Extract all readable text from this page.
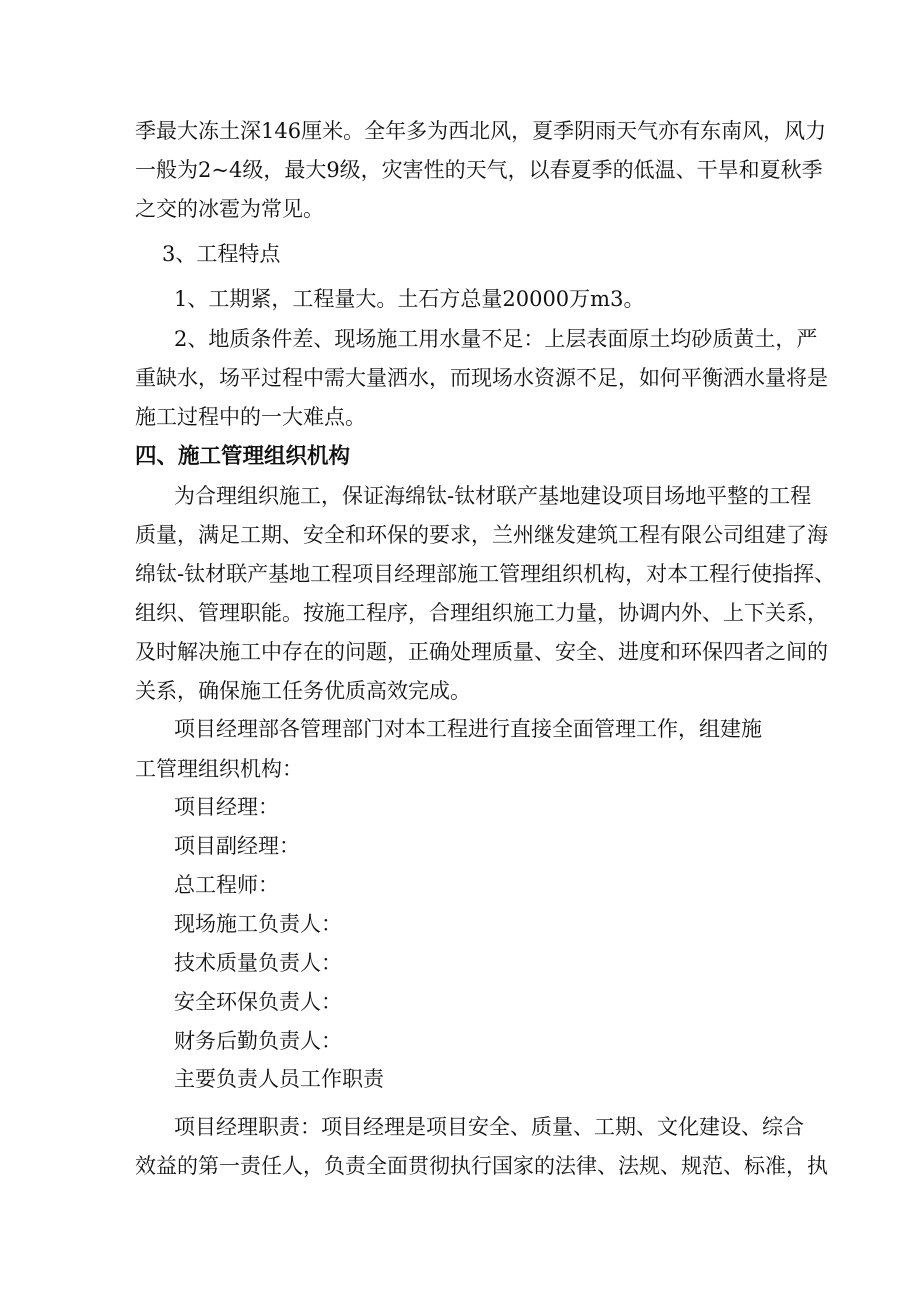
季最大冻土深146厘米。全年多为西北风，夏季阴雨天气亦有东南风，风力

一般为2~4级，最大9级，灾害性的天气，以春夏季的低温、干旱和夏秋季

之交的冰雹为常见。

3、工程特点

1、工期紧，工程量大。土石方总量20000万m3。

2、地质条件差、现场施工用水量不足：上层表面原土均砂质黄土，严

重缺水，场平过程中需大量洒水，而现场水资源不足，如何平衡洒水量将是

施工过程中的一大难点。

四、施工管理组织机构

为合理组织施工，保证海绵钛-钛材联产基地建设项目场地平整的工程

质量，满足工期、安全和环保的要求，兰州继发建筑工程有限公司组建了海

绵钛-钛材联产基地工程项目经理部施工管理组织机构，对本工程行使指挥、

组织、管理职能。按施工程序，合理组织施工力量，协调内外、上下关系，

及时解决施工中存在的问题，正确处理质量、安全、进度和环保四者之间的

关系，确保施工任务优质高效完成。

项目经理部各管理部门对本工程进行直接全面管理工作，组建施

工管理组织机构：

项目经理：

项目副经理：

总工程师：

现场施工负责人：

技术质量负责人：

安全环保负责人：

财务后勤负责人：

主要负责人员工作职责

项目经理职责：项目经理是项目安全、质量、工期、文化建设、综合

效益的第一责任人，负责全面贯彻执行国家的法律、法规、规范、标准，执
